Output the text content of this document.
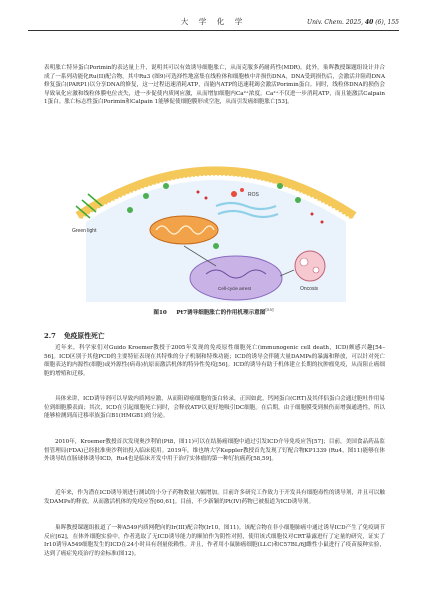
大 学 化 学	Univ. Chem. 2025, 40 (6), 155

表明胀亡特异蛋白Porimin的表达量上升，说明其可以有效诱导细胞胀亡，从而克服多药耐药性(MDR)。此外，巢晖教授课题组设计并合成了一系列功能化Ru(II)配合物，其中Ru3 (图9)可选择性地富集在线粒体和细胞核中并损伤DNA，DNA受到损伤后，会激活并阻碍DNA修复蛋白(PARP1)以分享DNA的修复，这一过程迅速消耗ATP，而能内ATP的迅速耗竭会激活Porimin蛋白。同时，线粒体DNA的损伤会导致氧化应激和线粒体膜电位丧失，进一步促使内质网应激，从而增加细胞内Ca²⁺浓度。Ca²⁺不仅进一步消耗ATP，而且能激活Calpain 1蛋白。胀亡标志性蛋白Porimin和Calpain 1能够促使细胞膜形成空泡，从而引发癌细胞胀亡[53]。

Green light
ROS
Cell-cycle arrest	Oncosis
图10 Pt7诱导细胞胀亡的作用机理示意图[55]
2.7 免疫原性死亡

近年来，科学家们对Guido Kroemer教授于2005年发现的免疫原性细胞死亡(immunogenic cell death，ICD)颇感兴趣[54–56]。ICD区别于其他PCD的主要特征表现在其特殊的分子机制和特殊功能；ICD的诱导会伴随大量DAMPs的暴露和释放，可以针对死亡细胞表达的内源性(细胞)或外源性(病毒)抗原而激活机体的特异性免疫[56]。ICD的诱导有助于机体建立长期的抗肿瘤免疫，从而阻止癌细胞的增殖和迁移。

具体来讲，ICD诱导剂可以导致内质网应激，从而阻碍癌细胞的蛋白转录，正因如此，钙网蛋白(CRT)及其伴侣蛋白会通过胞吐作用易位到细胞膜表面；其次，ICD在引起细胞死亡同时，会释放ATP以更好地吸引DC细胞。在后期，由于细胞膜受到损伤而增强通透性，所以能够检测到高迁移率族蛋白B1(HMGB1)的分泌。

2010年，Kroemer教授首次发现奥沙利铂(Pt8，图11)可以在结肠癌细胞中通过引发ICD介导免疫应答[57]；目前，美国食品药品监督管理局(FDA)已经批准奥沙利铂投入临床使用。2019年，维也纳大学Keppler教授首先发现了钌配合物KP1339 (Ru4，图11)能够在体外诱导结直肠球体诱导ICD，Ru4也是临床开发中用于治疗实体瘤的第一种钌抗癌药[58,59]。

近年来，作为潜在ICD诱导剂进行测试的小分子药物数量大幅增加。目前许多研究工作致力于开发具有细胞毒性的诱导剂，并且可以触发DAMPs的释放，从而激活机体的免疫应答[60,61]。目前，不少新颖的Pt(IV)药物已被报道为ICD诱导剂。

巢晖教授课题组报道了一种A549内质网靶向的Ir(III)配合物(Ir10，图11)。该配合物在非小细胞肺癌中通过诱导ICD产生了免疫调节反应[62]，在体外细胞实验中，作者选取了无ICD诱导能力的顺铂作为阴性对照，使用该式细胞仪对CRT暴露进行了定量的研究，证实了Ir10诱导A549细胞发生的ICD在24小时具有剂量依赖性。并且，作者用小鼠肺癌细胞(LLC)和C57BL/6J雌性小鼠进行了疫苗接种实验，达到了癌症免疫治疗的金标准(图12)。
